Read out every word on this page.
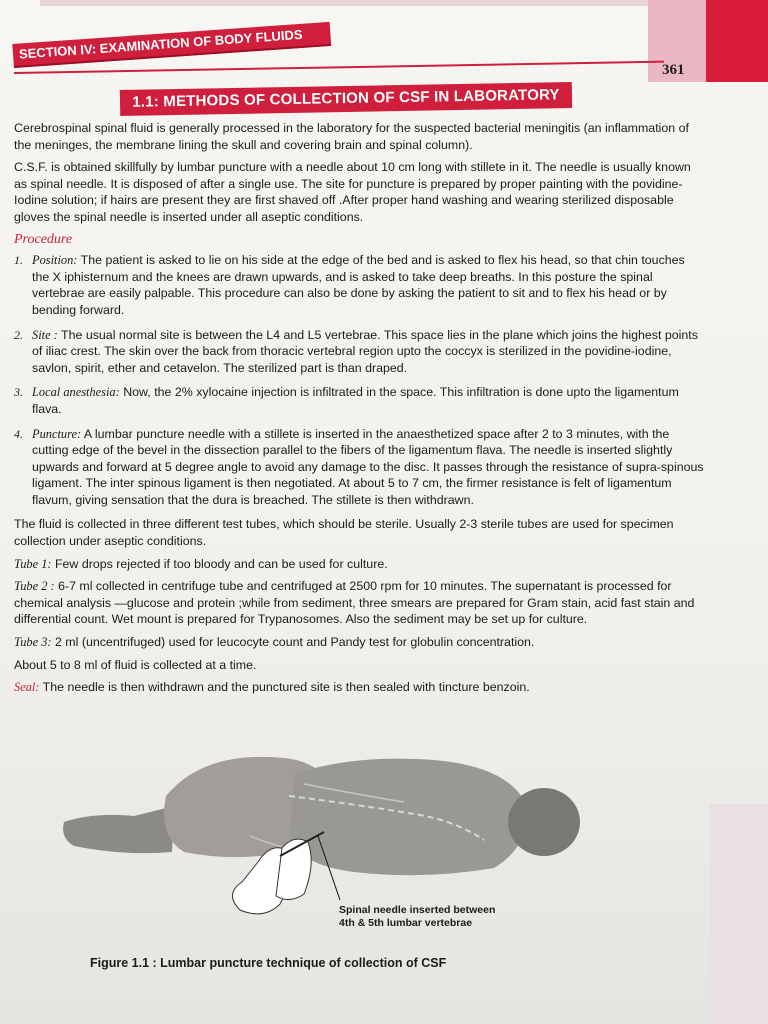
SECTION IV: EXAMINATION OF BODY FLUIDS
361
1.1: METHODS OF COLLECTION OF CSF IN LABORATORY

Cerebrospinal spinal fluid is generally processed in the laboratory for the suspected bacterial meningitis (an inflammation of the meninges, the membrane lining the skull and covering brain and spinal column).

C.S.F. is obtained skillfully by lumbar puncture with a needle about 10 cm long with stillete in it. The needle is usually known as spinal needle. It is disposed of after a single use. The site for puncture is prepared by proper painting with the povidine-Iodine solution; if hairs are present they are first shaved off .After proper hand washing and wearing sterilized disposable gloves the spinal needle is inserted under all aseptic conditions.

Procedure
1. Position: The patient is asked to lie on his side at the edge of the bed and is asked to flex his head, so that chin touches the X iphisternum and the knees are drawn upwards, and is asked to take deep breaths. In this posture the spinal vertebrae are easily palpable. This procedure can also be done by asking the patient to sit and to flex his head or by bending forward.
2. Site : The usual normal site is between the L4 and L5 vertebrae. This space lies in the plane which joins the highest points of iliac crest. The skin over the back from thoracic vertebral region upto the coccyx is sterilized in the povidine-iodine, savlon, spirit, ether and cetavelon. The sterilized part is than draped.
3. Local anesthesia: Now, the 2% xylocaine injection is infiltrated in the space. This infiltration is done upto the ligamentum flava.
4. Puncture: A lumbar puncture needle with a stillete is inserted in the anaesthetized space after 2 to 3 minutes, with the cutting edge of the bevel in the dissection parallel to the fibers of the ligamentum flava. The needle is inserted slightly upwards and forward at 5 degree angle to avoid any damage to the disc. It passes through the resistance of supra-spinous ligament. The inter spinous ligament is then negotiated. At about 5 to 7 cm, the firmer resistance is felt of ligamentum flavum, giving sensation that the dura is breached. The stillete is then withdrawn.

The fluid is collected in three different test tubes, which should be sterile. Usually 2-3 sterile tubes are used for specimen collection under aseptic conditions.

Tube 1: Few drops rejected if too bloody and can be used for culture.

Tube 2 : 6-7 ml collected in centrifuge tube and centrifuged at 2500 rpm for 10 minutes. The supernatant is processed for chemical analysis —glucose and protein ;while from sediment, three smears are prepared for Gram stain, acid fast stain and differential count. Wet mount is prepared for Trypanosomes. Also the sediment may be set up for culture.

Tube 3: 2 ml (uncentrifuged) used for leucocyte count and Pandy test for globulin concentration.

About 5 to 8 ml of fluid is collected at a time.

Seal: The needle is then withdrawn and the punctured site is then sealed with tincture benzoin.

Spinal needle inserted between
4th & 5th lumbar vertebrae
Figure 1.1 : Lumbar puncture technique of collection of CSF
